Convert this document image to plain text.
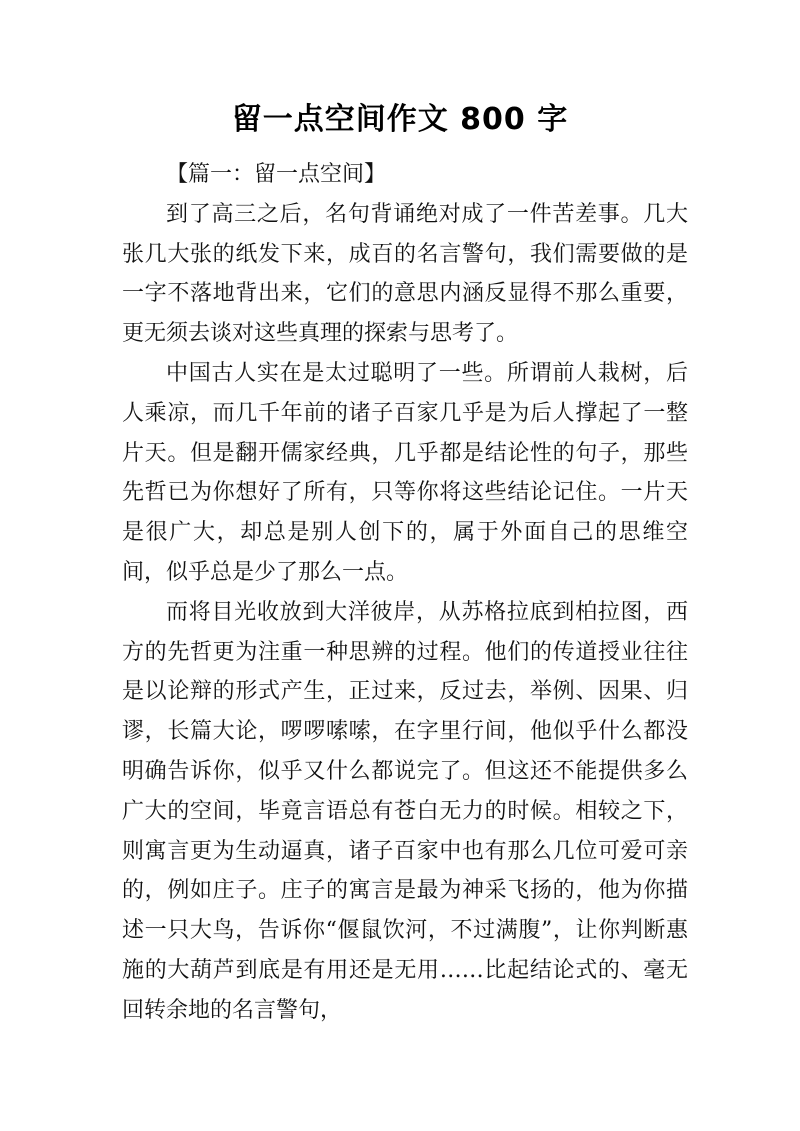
留一点空间作文 800 字

【篇一：留一点空间】

到了高三之后，名句背诵绝对成了一件苦差事。几大张几大张的纸发下来，成百的名言警句，我们需要做的是一字不落地背出来，它们的意思内涵反显得不那么重要，更无须去谈对这些真理的探索与思考了。

中国古人实在是太过聪明了一些。所谓前人栽树，后人乘凉，而几千年前的诸子百家几乎是为后人撑起了一整片天。但是翻开儒家经典，几乎都是结论性的句子，那些先哲已为你想好了所有，只等你将这些结论记住。一片天是很广大，却总是别人创下的，属于外面自己的思维空间，似乎总是少了那么一点。

而将目光收放到大洋彼岸，从苏格拉底到柏拉图，西方的先哲更为注重一种思辨的过程。他们的传道授业往往是以论辩的形式产生，正过来，反过去，举例、因果、归谬，长篇大论，啰啰嗦嗦，在字里行间，他似乎什么都没明确告诉你，似乎又什么都说完了。但这还不能提供多么广大的空间，毕竟言语总有苍白无力的时候。相较之下，则寓言更为生动逼真，诸子百家中也有那么几位可爱可亲的，例如庄子。庄子的寓言是最为神采飞扬的，他为你描述一只大鸟，告诉你“偃鼠饮河，不过满腹”，让你判断惠施的大葫芦到底是有用还是无用……比起结论式的、毫无回转余地的名言警句，
